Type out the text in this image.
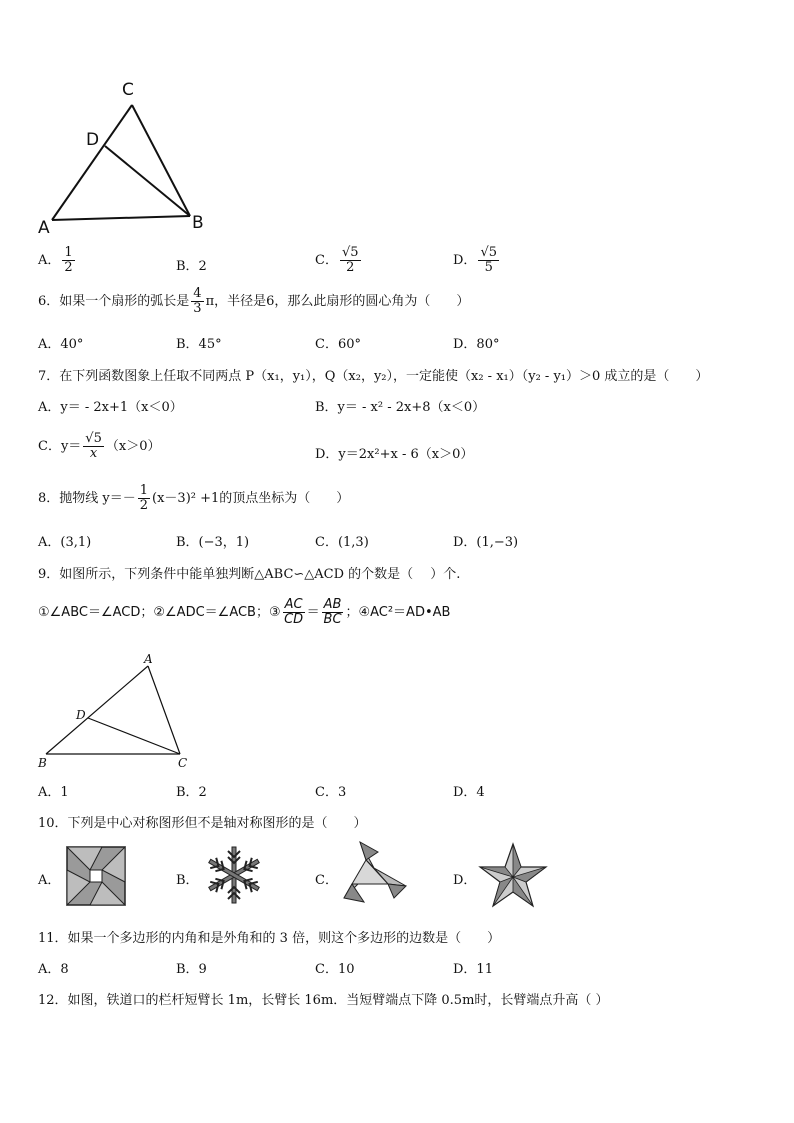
C
D
A	B
A． $\frac{1}{2}$	B．2	C． $\frac{√5}{2}$	D． $\frac{√5}{5}$
6．如果一个扇形的弧长是 $\frac{4}{3}$ π，半径是6，那么此扇形的圆心角为（　　）
A．40°	B．45°	C．60°	D．80°
7．在下列函数图象上任取不同两点 P（x₁，y₁），Q（x₂，y₂），一定能使（x₂ - x₁）（y₂ - y₁）＞0 成立的是（　　）
A．y＝ - 2x+1（x＜0）	B．y＝ - x² - 2x+8（x＜0）
C．$y= \frac{√5}{x} (x>0)$
D．y＝2x²+x - 6（x＞0）
8．抛物线 $y=- \frac{1}{2} (x-3)^2 +1$的顶点坐标为（　　）
A．(3,1)	B．(−3，1)	C．(1,3)	D．(1,−3)
9．如图所示，下列条件中能单独判断△ABC∽△ACD 的个数是（　 ）个.
①∠ABC＝∠ACD；②∠ADC＝∠ACB；③ $\frac{AC}{CD} = \frac{AB}{BC}$ ；④AC²＝AD•AB
A
D
B	C
A．1	B．2	C．3	D．4
10．下列是中心对称图形但不是轴对称图形的是（　　）
A．	B．	C．	D．
11．如果一个多边形的内角和是外角和的 3 倍，则这个多边形的边数是（　　）
A．8	B．9	C．10	D．11
12．如图，铁道口的栏杆短臂长 1m，长臂长 16m．当短臂端点下降 0.5m时，长臂端点升高（ ）
